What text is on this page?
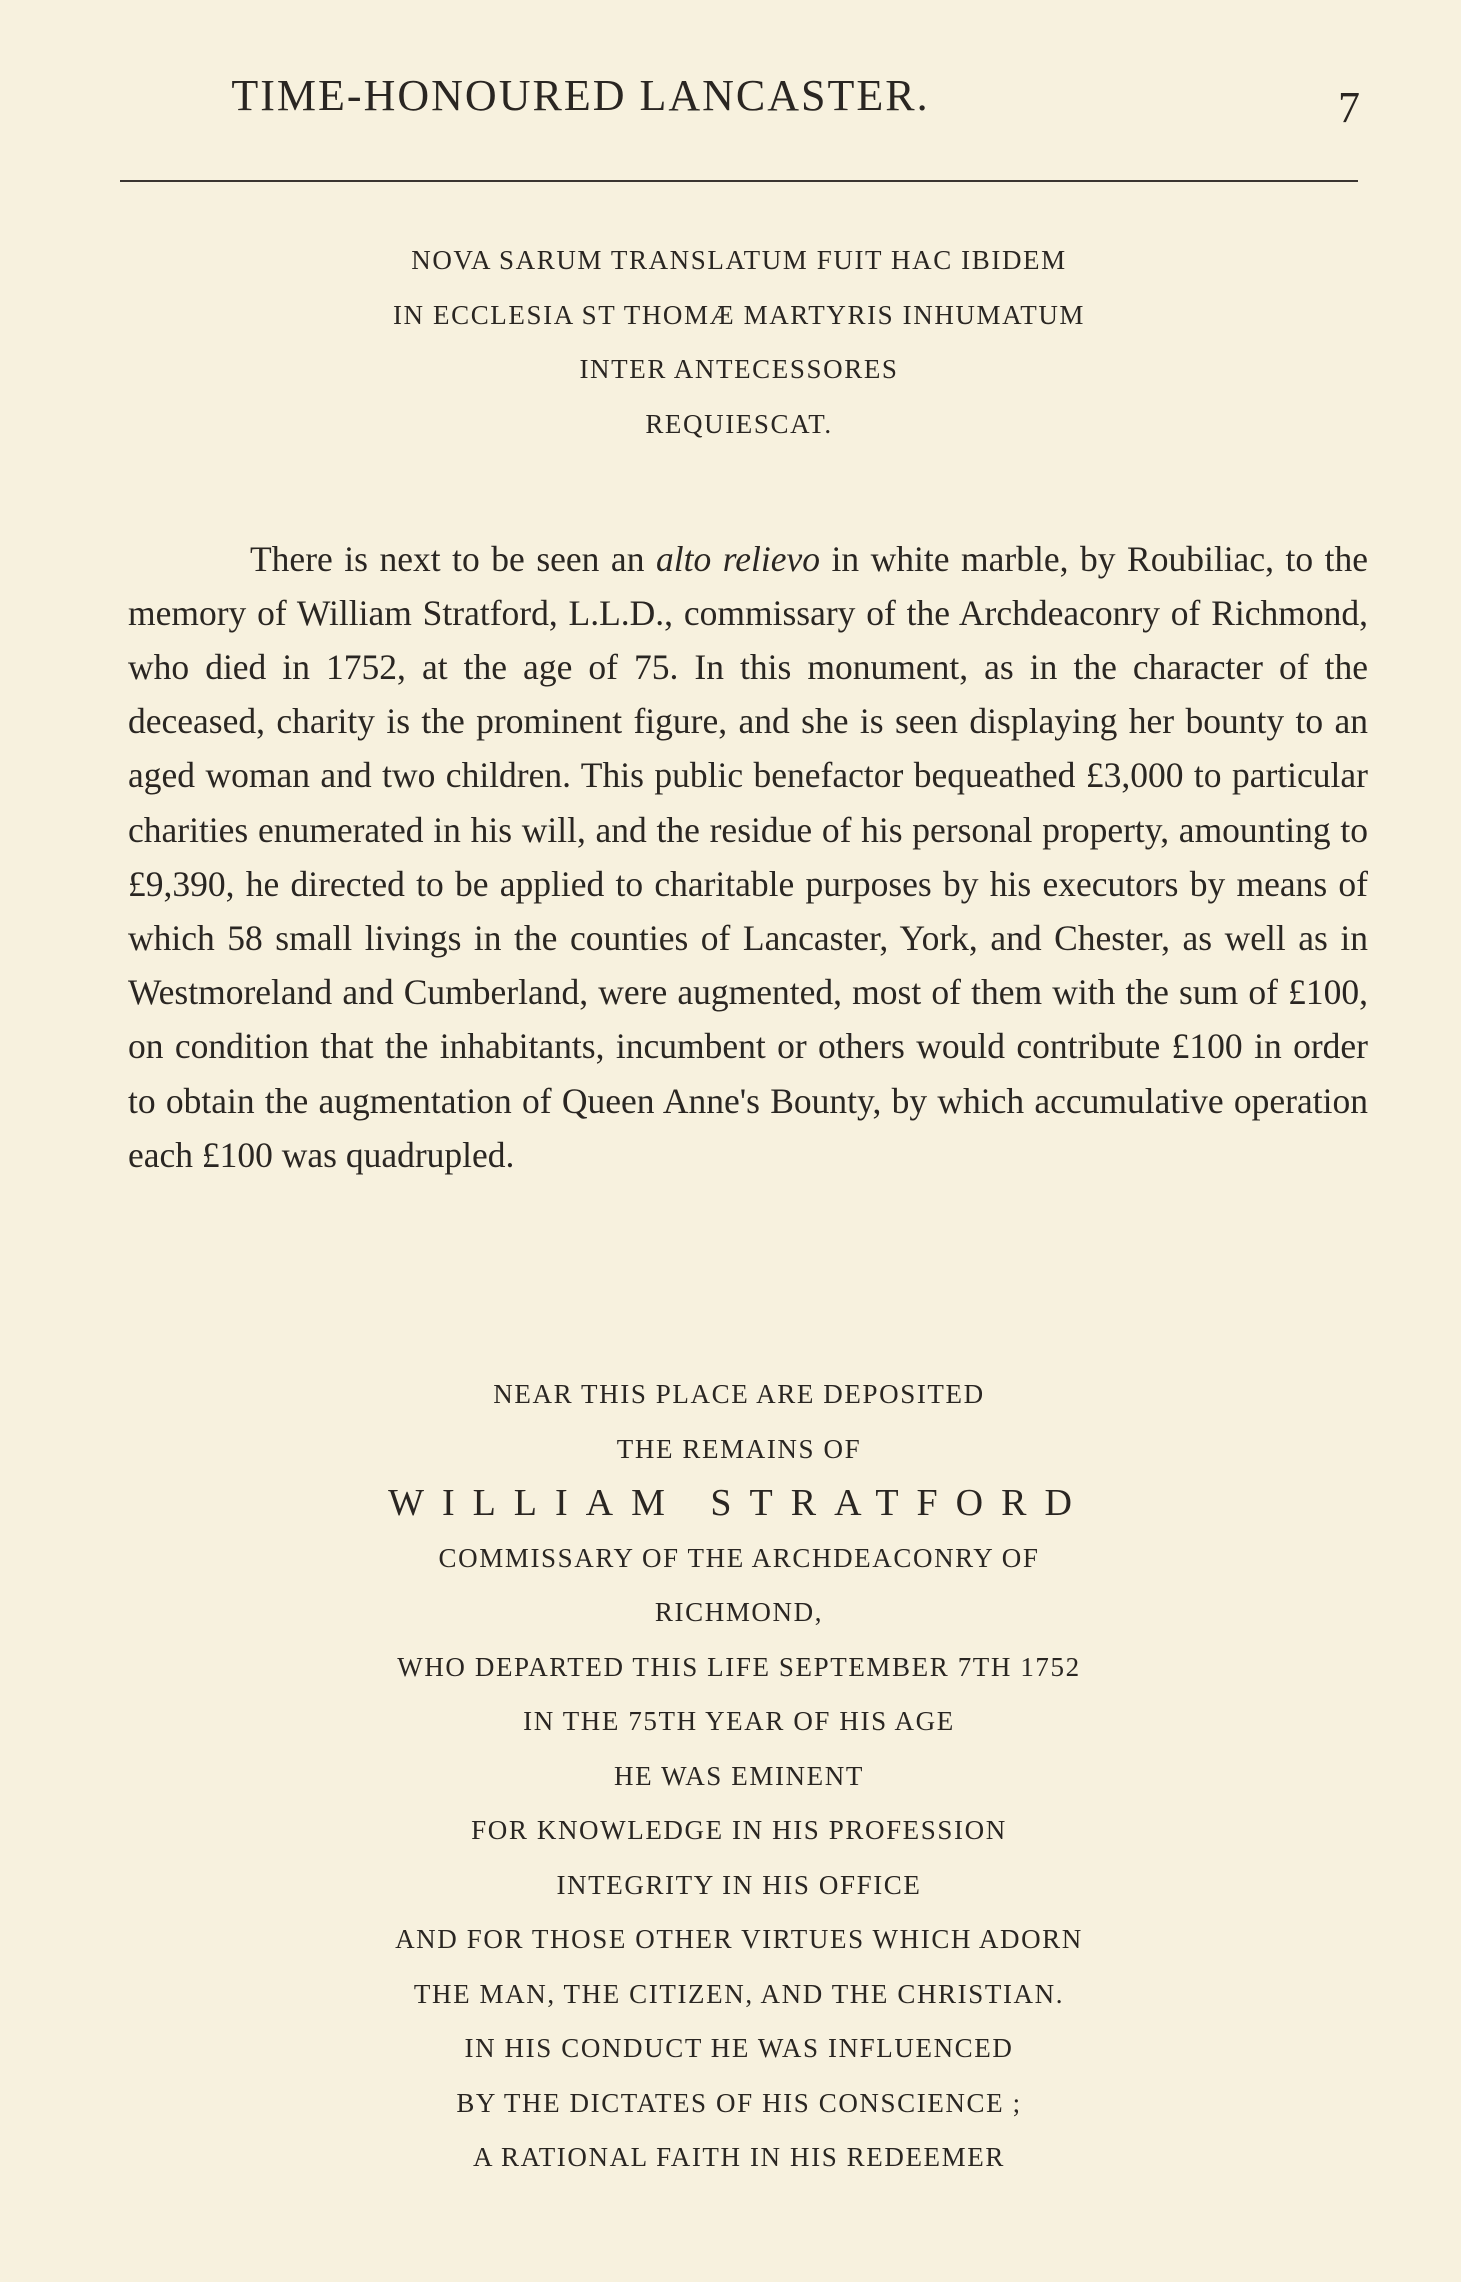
TIME-HONOURED LANCASTER.	7
NOVA SARUM TRANSLATUM FUIT HAC IBIDEM
IN ECCLESIA ST THOMÆ MARTYRIS INHUMATUM
INTER ANTECESSORES
REQUIESCAT.

There is next to be seen an alto relievo in white marble, by Roubiliac, to the memory of William Stratford, L.L.D., commissary of the Archdeaconry of Richmond, who died in 1752, at the age of 75. In this monument, as in the character of the deceased, charity is the prominent figure, and she is seen displaying her bounty to an aged woman and two children. This public benefactor bequeathed £3,000 to particular charities enumerated in his will, and the residue of his personal property, amounting to £9,390, he directed to be applied to charitable purposes by his executors by means of which 58 small livings in the counties of Lancaster, York, and Chester, as well as in Westmoreland and Cumberland, were augmented, most of them with the sum of £100, on condition that the inhabitants, incumbent or others would contribute £100 in order to obtain the augmentation of Queen Anne's Bounty, by which accumulative operation each £100 was quadrupled.

NEAR THIS PLACE ARE DEPOSITED
THE REMAINS OF
WILLIAM STRATFORD
COMMISSARY OF THE ARCHDEACONRY OF
RICHMOND,
WHO DEPARTED THIS LIFE SEPTEMBER 7TH 1752
IN THE 75TH YEAR OF HIS AGE
HE WAS EMINENT
FOR KNOWLEDGE IN HIS PROFESSION
INTEGRITY IN HIS OFFICE
AND FOR THOSE OTHER VIRTUES WHICH ADORN
THE MAN, THE CITIZEN, AND THE CHRISTIAN.
IN HIS CONDUCT HE WAS INFLUENCED
BY THE DICTATES OF HIS CONSCIENCE ;
A RATIONAL FAITH IN HIS REDEEMER
